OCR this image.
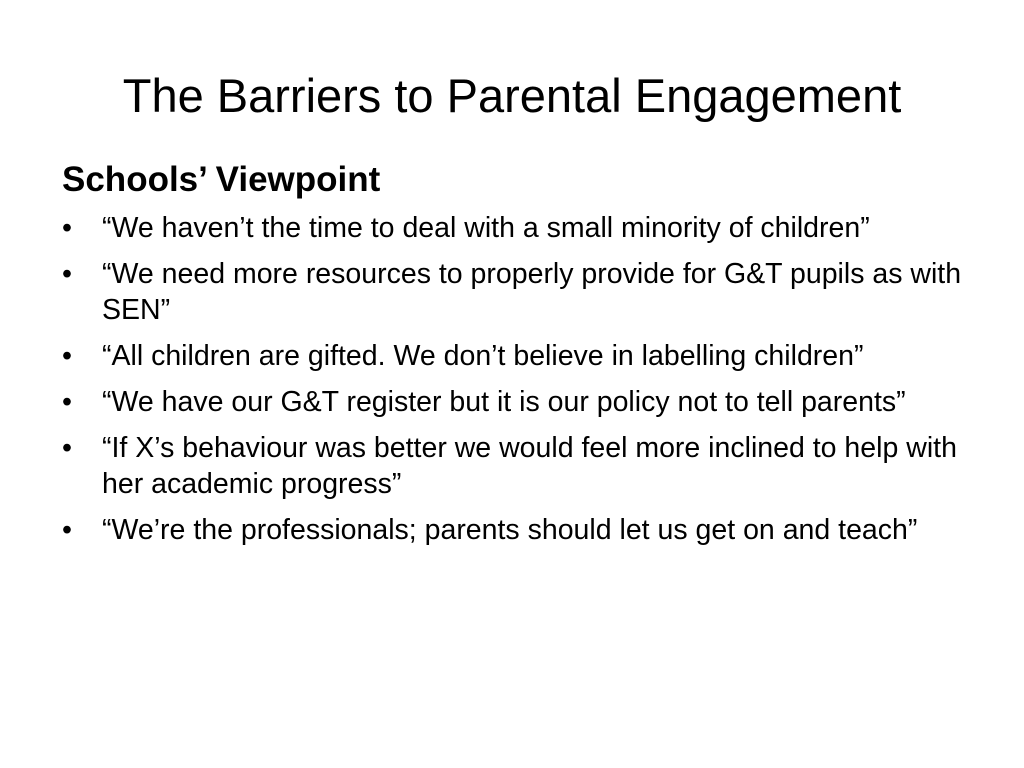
The Barriers to Parental Engagement
Schools’ Viewpoint
•	“We haven’t the time to deal with a small minority of children”
•	“We need more resources to properly provide for G&T pupils as with SEN”
•	“All children are gifted. We don’t believe in labelling children”
•	“We have our G&T register but it is our policy not to tell parents”
•	“If X’s behaviour was better we would feel more inclined to help with her academic progress”
•	“We’re the professionals; parents should let us get on and teach”
